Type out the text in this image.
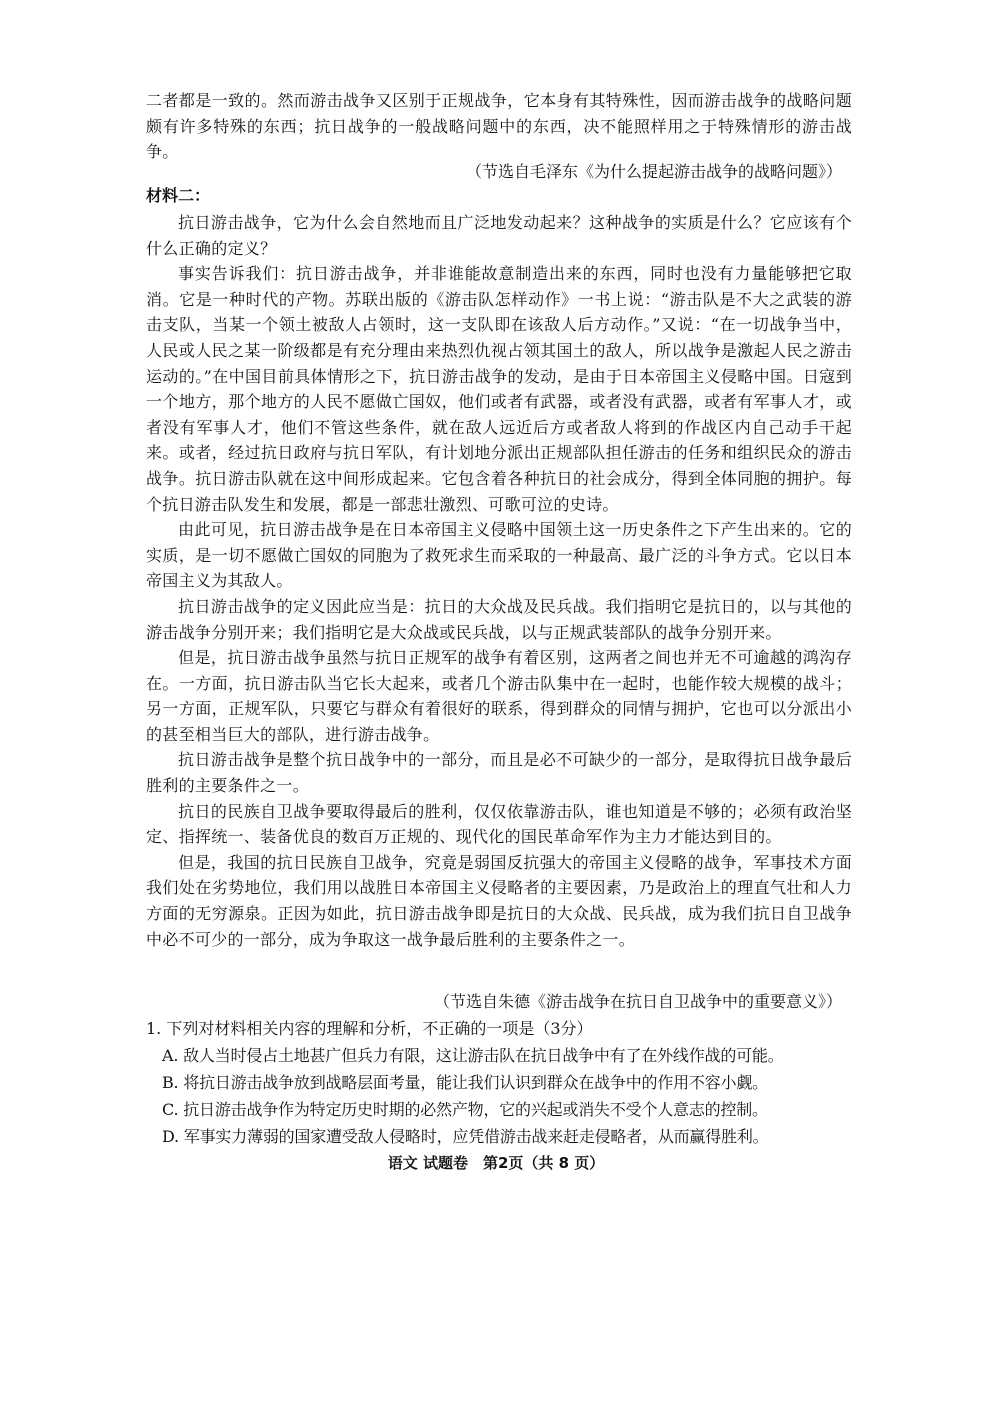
二者都是一致的。然而游击战争又区别于正规战争，它本身有其特殊性，因而游击战争的战略问题颇有许多特殊的东西；抗日战争的一般战略问题中的东西，决不能照样用之于特殊情形的游击战争。

（节选自毛泽东《为什么提起游击战争的战略问题》）
材料二：

抗日游击战争，它为什么会自然地而且广泛地发动起来？这种战争的实质是什么？它应该有个什么正确的定义？

事实告诉我们：抗日游击战争，并非谁能故意制造出来的东西，同时也没有力量能够把它取消。它是一种时代的产物。苏联出版的《游击队怎样动作》一书上说：“游击队是不大之武装的游击支队，当某一个领土被敌人占领时，这一支队即在该敌人后方动作。”又说：“在一切战争当中，人民或人民之某一阶级都是有充分理由来热烈仇视占领其国土的敌人，所以战争是激起人民之游击运动的。”在中国目前具体情形之下，抗日游击战争的发动，是由于日本帝国主义侵略中国。日寇到一个地方，那个地方的人民不愿做亡国奴，他们或者有武器，或者没有武器，或者有军事人才，或者没有军事人才，他们不管这些条件，就在敌人远近后方或者敌人将到的作战区内自己动手干起来。或者，经过抗日政府与抗日军队，有计划地分派出正规部队担任游击的任务和组织民众的游击战争。抗日游击队就在这中间形成起来。它包含着各种抗日的社会成分，得到全体同胞的拥护。每个抗日游击队发生和发展，都是一部悲壮激烈、可歌可泣的史诗。

由此可见，抗日游击战争是在日本帝国主义侵略中国领土这一历史条件之下产生出来的。它的实质，是一切不愿做亡国奴的同胞为了救死求生而采取的一种最高、最广泛的斗争方式。它以日本帝国主义为其敌人。

抗日游击战争的定义因此应当是：抗日的大众战及民兵战。我们指明它是抗日的，以与其他的游击战争分别开来；我们指明它是大众战或民兵战，以与正规武装部队的战争分别开来。

但是，抗日游击战争虽然与抗日正规军的战争有着区别，这两者之间也并无不可逾越的鸿沟存在。一方面，抗日游击队当它长大起来，或者几个游击队集中在一起时，也能作较大规模的战斗；另一方面，正规军队，只要它与群众有着很好的联系，得到群众的同情与拥护，它也可以分派出小的甚至相当巨大的部队，进行游击战争。

抗日游击战争是整个抗日战争中的一部分，而且是必不可缺少的一部分，是取得抗日战争最后胜利的主要条件之一。

抗日的民族自卫战争要取得最后的胜利，仅仅依靠游击队，谁也知道是不够的；必须有政治坚定、指挥统一、装备优良的数百万正规的、现代化的国民革命军作为主力才能达到目的。

但是，我国的抗日民族自卫战争，究竟是弱国反抗强大的帝国主义侵略的战争，军事技术方面我们处在劣势地位，我们用以战胜日本帝国主义侵略者的主要因素，乃是政治上的理直气壮和人力方面的无穷源泉。正因为如此，抗日游击战争即是抗日的大众战、民兵战，成为我们抗日自卫战争中必不可少的一部分，成为争取这一战争最后胜利的主要条件之一。

（节选自朱德《游击战争在抗日自卫战争中的重要意义》）

1. 下列对材料相关内容的理解和分析，不正确的一项是（3分）

A. 敌人当时侵占土地甚广但兵力有限，这让游击队在抗日战争中有了在外线作战的可能。

B. 将抗日游击战争放到战略层面考量，能让我们认识到群众在战争中的作用不容小觑。

C. 抗日游击战争作为特定历史时期的必然产物，它的兴起或消失不受个人意志的控制。

D. 军事实力薄弱的国家遭受敌人侵略时，应凭借游击战来赶走侵略者，从而赢得胜利。

语文 试题卷　第2页（共 8 页）
